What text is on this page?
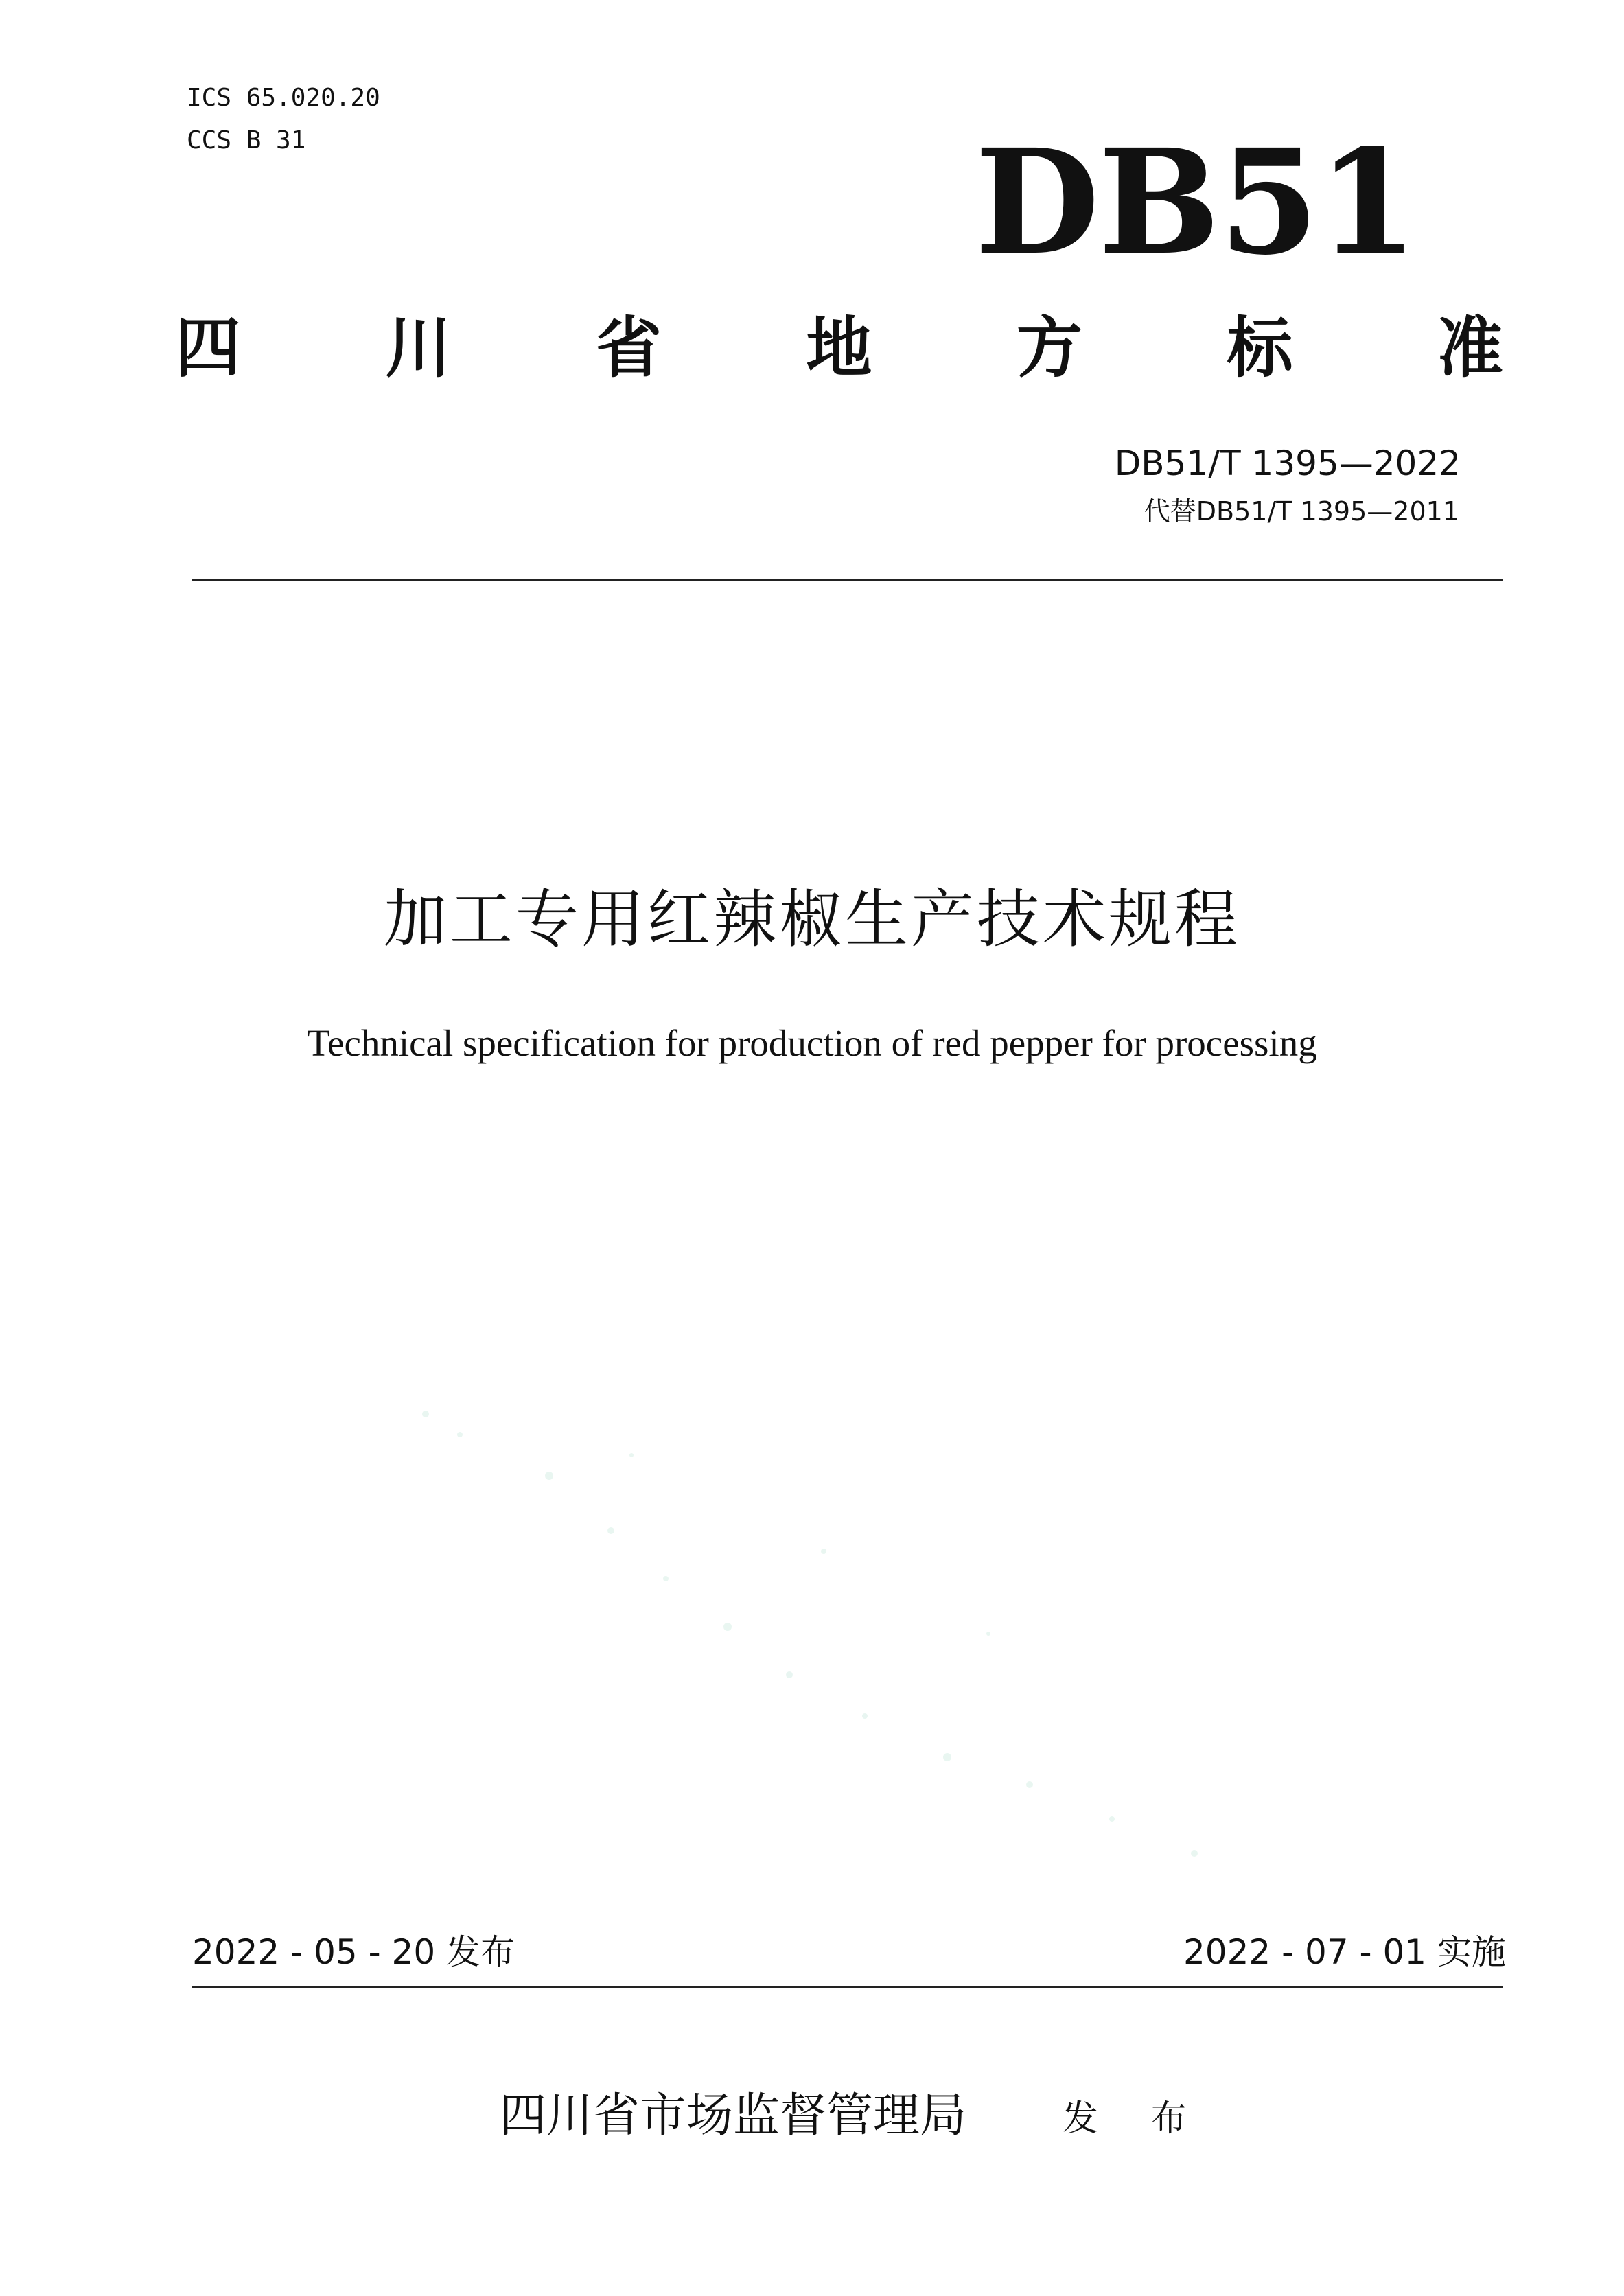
ICS 65.020.20
CCS B 31	DB51
四 川 省 地 方 标 准
DB51/T 1395—2022
代替DB51/T 1395—2011
加工专用红辣椒生产技术规程
Technical specification for production of red pepper for processing
2022 - 05 - 20 发布	2022 - 07 - 01 实施
四川省市场监督管理局	发 布
